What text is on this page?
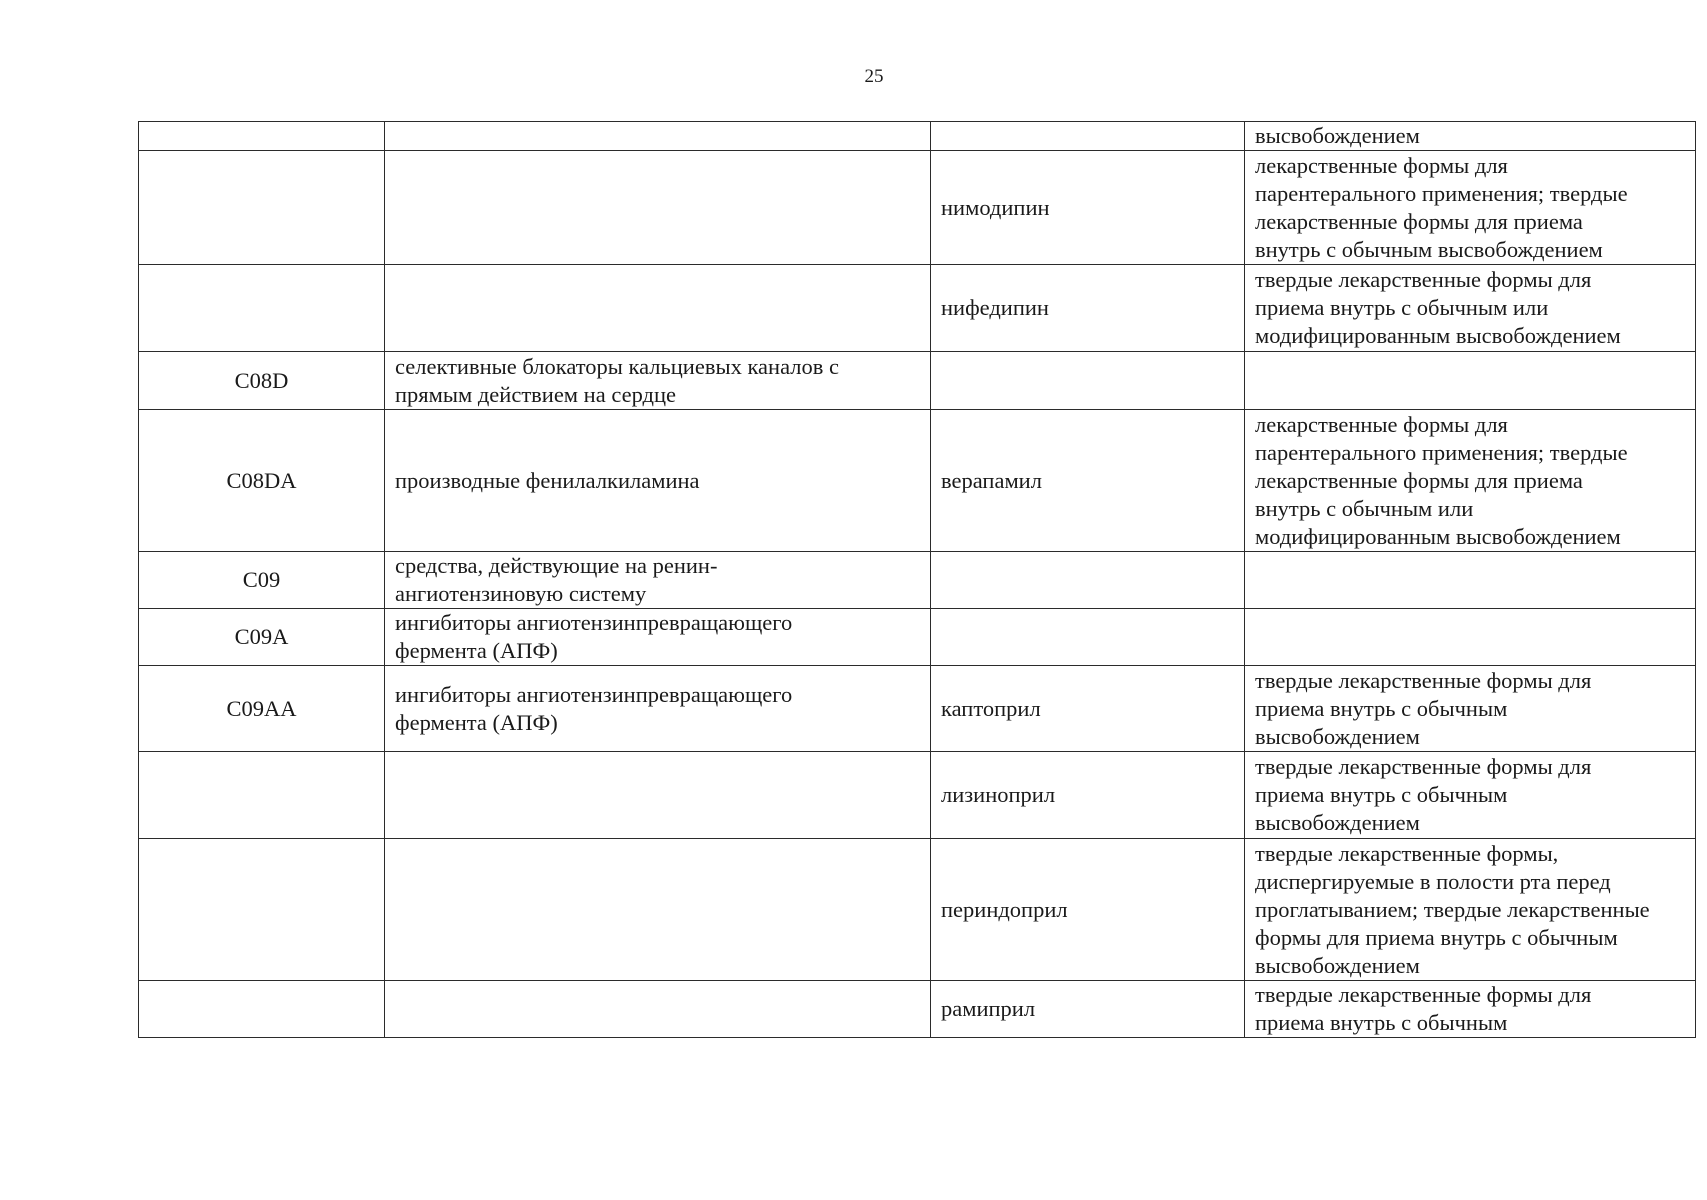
25
			высвобождением
		нимодипин	лекарственные формы для
парентерального применения; твердые
лекарственные формы для приема
внутрь с обычным высвобождением
		нифедипин	твердые лекарственные формы для
приема внутрь с обычным или
модифицированным высвобождением
C08D	селективные блокаторы кальциевых каналов с
прямым действием на сердце		
C08DA	производные фенилалкиламина	верапамил	лекарственные формы для
парентерального применения; твердые
лекарственные формы для приема
внутрь с обычным или
модифицированным высвобождением
C09	средства, действующие на ренин-
ангиотензиновую систему		
C09A	ингибиторы ангиотензинпревращающего
фермента (АПФ)		
C09AA	ингибиторы ангиотензинпревращающего
фермента (АПФ)	каптоприл	твердые лекарственные формы для
приема внутрь с обычным
высвобождением
		лизиноприл	твердые лекарственные формы для
приема внутрь с обычным
высвобождением
		периндоприл	твердые лекарственные формы,
диспергируемые в полости рта перед
проглатыванием; твердые лекарственные
формы для приема внутрь с обычным
высвобождением
		рамиприл	твердые лекарственные формы для
приема внутрь с обычным
